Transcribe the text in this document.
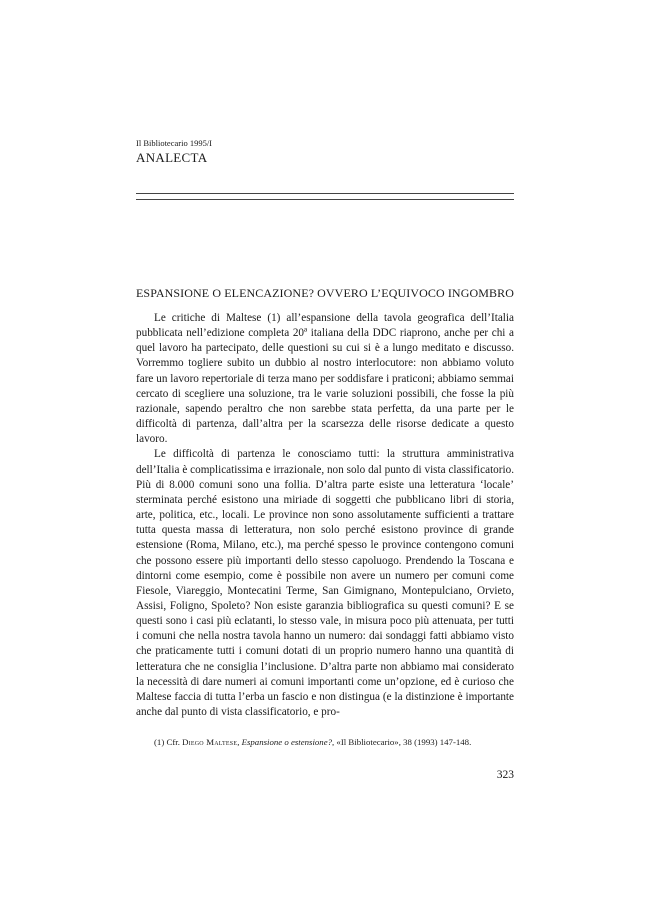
Il Bibliotecario 1995/I
ANALECTA
ESPANSIONE O ELENCAZIONE? OVVERO L’EQUIVOCO INGOMBRO

Le critiche di Maltese (1) all’espansione della tavola geografica dell’Italia pubblicata nell’edizione completa 20ª italiana della DDC riaprono, anche per chi a quel lavoro ha partecipato, delle questioni su cui si è a lungo meditato e discusso. Vorremmo togliere subito un dubbio al nostro interlocutore: non abbiamo voluto fare un lavoro repertoriale di terza mano per soddisfare i praticoni; abbiamo semmai cercato di scegliere una soluzione, tra le varie soluzioni possibili, che fosse la più razionale, sapendo peraltro che non sarebbe stata perfetta, da una parte per le difficoltà di partenza, dall’altra per la scarsezza delle risorse dedicate a questo lavoro.

Le difficoltà di partenza le conosciamo tutti: la struttura amministrativa dell’Italia è complicatissima e irrazionale, non solo dal punto di vista classificatorio. Più di 8.000 comuni sono una follia. D’altra parte esiste una letteratura ‘locale’ sterminata perché esistono una miriade di soggetti che pubblicano libri di storia, arte, politica, etc., locali. Le province non sono assolutamente sufficienti a trattare tutta questa massa di letteratura, non solo perché esistono province di grande estensione (Roma, Milano, etc.), ma perché spesso le province contengono comuni che possono essere più importanti dello stesso capoluogo. Prendendo la Toscana e dintorni come esempio, come è possibile non avere un numero per comuni come Fiesole, Viareggio, Montecatini Terme, San Gimignano, Montepulciano, Orvieto, Assisi, Foligno, Spoleto? Non esiste garanzia bibliografica su questi comuni? E se questi sono i casi più eclatanti, lo stesso vale, in misura poco più attenuata, per tutti i comuni che nella nostra tavola hanno un numero: dai sondaggi fatti abbiamo visto che praticamente tutti i comuni dotati di un proprio numero hanno una quantità di letteratura che ne consiglia l’inclusione. D’altra parte non abbiamo mai considerato la necessità di dare numeri ai comuni importanti come un’opzione, ed è curioso che Maltese faccia di tutta l’erba un fascio e non distingua (e la distinzione è importante anche dal punto di vista classificatorio, e pro-

(1) Cfr. Diego Maltese, Espansione o estensione?, «Il Bibliotecario», 38 (1993) 147-148.
323
